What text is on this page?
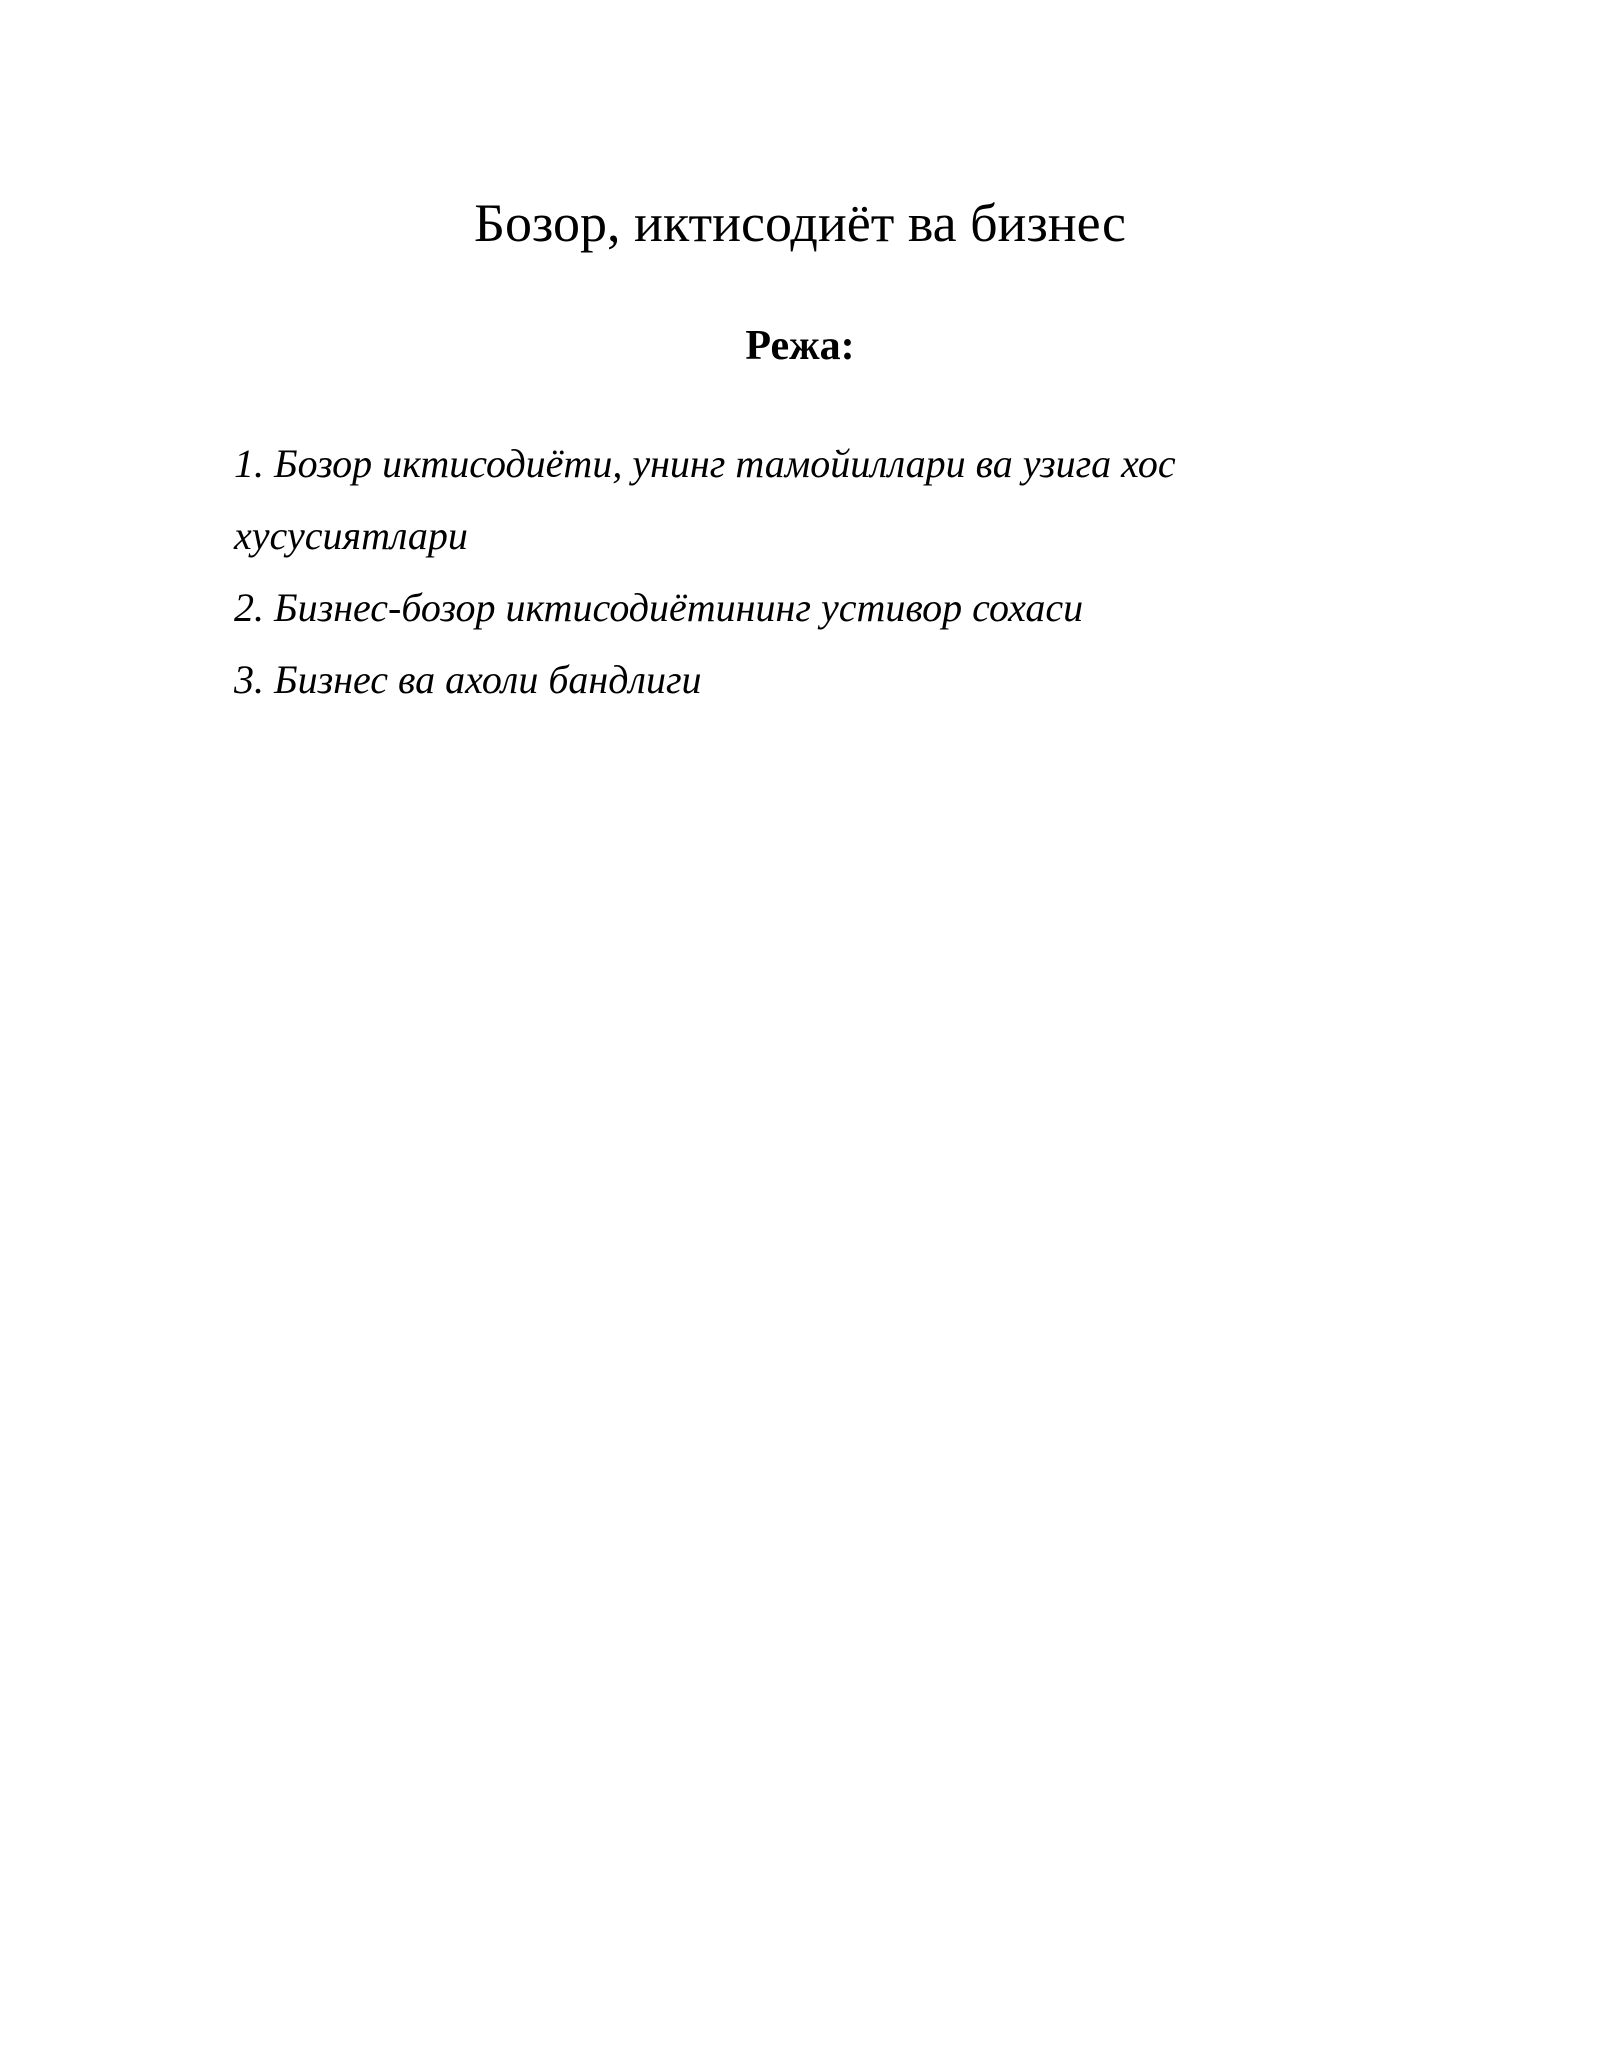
Бозор, иктисодиёт ва бизнес
Режа:
1. Бозор иктисодиёти, унинг тамойиллари ва узига хос хусусиятлари
2. Бизнес-бозор иктисодиётининг устивор сохаси
3. Бизнес ва ахоли бандлиги
